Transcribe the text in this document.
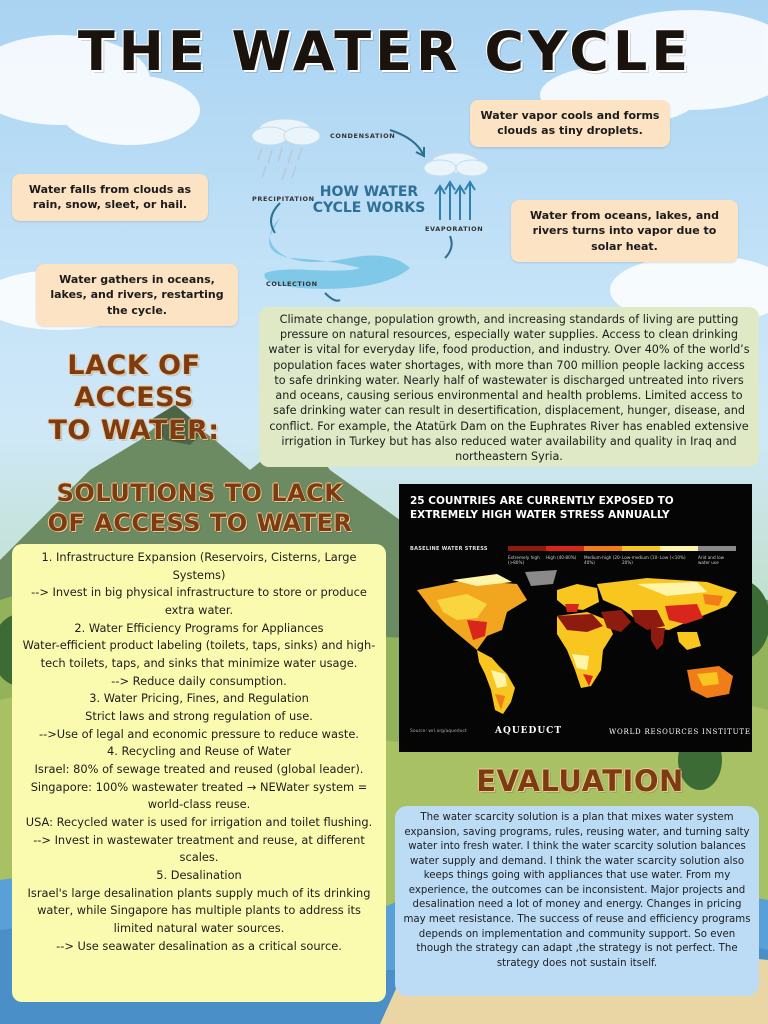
THE WATER CYCLE
CONDENSATION
PRECIPITATION
EVAPORATION
COLLECTION
HOW WATER CYCLE WORKS
Water vapor cools and forms clouds as tiny droplets.
Water falls from clouds as rain, snow, sleet, or hail.
Water from oceans, lakes, and rivers turns into vapor due to solar heat.
Water gathers in oceans, lakes, and rivers, restarting the cycle.
LACK OF ACCESS
TO WATER:
Climate change, population growth, and increasing standards of living are putting pressure on natural resources, especially water supplies. Access to clean drinking water is vital for everyday life, food production, and industry. Over 40% of the world’s population faces water shortages, with more than 700 million people lacking access to safe drinking water. Nearly half of wastewater is discharged untreated into rivers and oceans, causing serious environmental and health problems. Limited access to safe drinking water can result in desertification, displacement, hunger, disease, and conflict. For example, the Atatürk Dam on the Euphrates River has enabled extensive irrigation in Turkey but has also reduced water availability and quality in Iraq and northeastern Syria.
SOLUTIONS TO LACK
OF ACCESS TO WATER
1. Infrastructure Expansion (Reservoirs, Cisterns, Large Systems)
--> Invest in big physical infrastructure to store or produce extra water.
2. Water Efficiency Programs for Appliances
Water-efficient product labeling (toilets, taps, sinks) and high-tech toilets, taps, and sinks that minimize water usage.
--> Reduce daily consumption.
3. Water Pricing, Fines, and Regulation
Strict laws and strong regulation of use.
-->Use of legal and economic pressure to reduce waste.
4. Recycling and Reuse of Water
Israel: 80% of sewage treated and reused (global leader).
Singapore: 100% wastewater treated → NEWater system = world-class reuse.
USA: Recycled water is used for irrigation and toilet flushing.
--> Invest in wastewater treatment and reuse, at different scales.
5. Desalination
Israel's large desalination plants supply much of its drinking water, while Singapore has multiple plants to address its limited natural water sources.
--> Use seawater desalination as a critical source.
25 COUNTRIES ARE CURRENTLY EXPOSED TO EXTREMELY HIGH WATER STRESS ANNUALLY
BASELINE WATER STRESS
Extremely high (>80%)
High (40-80%)	Medium-high (20-40%)
Low-medium (10-20%)
Low (<10%)	Arid and low water use
Source: wri.org/aqueduct	AQUEDUCT	WORLD RESOURCES INSTITUTE
EVALUATION
The water scarcity solution is a plan that mixes water system expansion, saving programs, rules, reusing water, and turning salty water into fresh water. I think the water scarcity solution balances water supply and demand. I think the water scarcity solution also keeps things going with appliances that use water. From my experience, the outcomes can be inconsistent. Major projects and desalination need a lot of money and energy. Changes in pricing may meet resistance. The success of reuse and efficiency programs depends on implementation and community support. So even though the strategy can adapt ,the strategy is not perfect. The strategy does not sustain itself.
